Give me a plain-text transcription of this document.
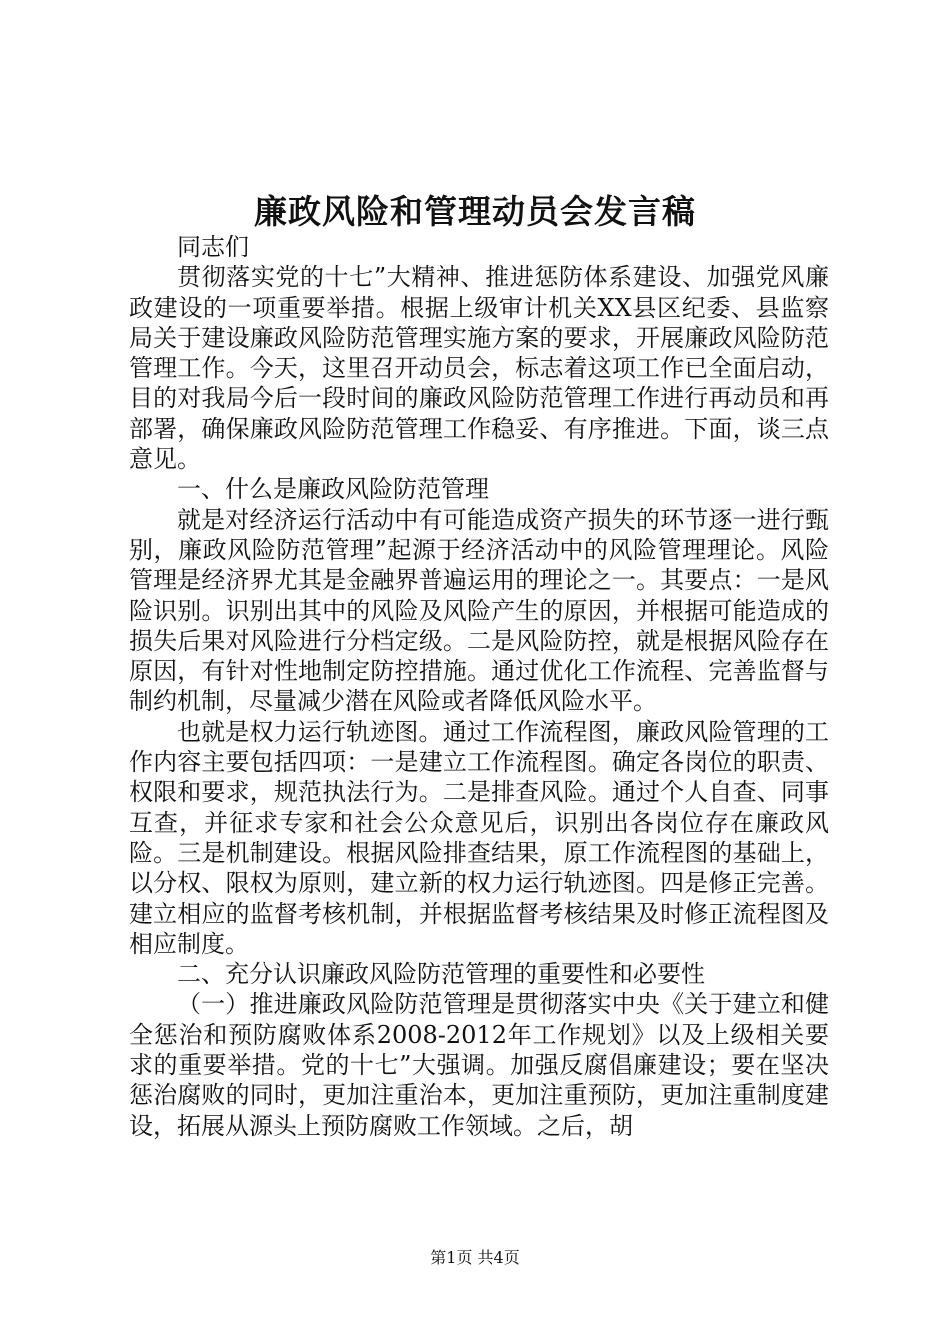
廉政风险和管理动员会发言稿

同志们

贯彻落实党的十七”大精神、推进惩防体系建设、加强党风廉政建设的一项重要举措。根据上级审计机关XX县区纪委、县监察局关于建设廉政风险防范管理实施方案的要求，开展廉政风险防范管理工作。今天，这里召开动员会，标志着这项工作已全面启动，目的对我局今后一段时间的廉政风险防范管理工作进行再动员和再部署，确保廉政风险防范管理工作稳妥、有序推进。下面，谈三点意见。

一、什么是廉政风险防范管理

就是对经济运行活动中有可能造成资产损失的环节逐一进行甄别，廉政风险防范管理”起源于经济活动中的风险管理理论。风险管理是经济界尤其是金融界普遍运用的理论之一。其要点：一是风险识别。识别出其中的风险及风险产生的原因，并根据可能造成的损失后果对风险进行分档定级。二是风险防控，就是根据风险存在原因，有针对性地制定防控措施。通过优化工作流程、完善监督与制约机制，尽量减少潜在风险或者降低风险水平。

也就是权力运行轨迹图。通过工作流程图，廉政风险管理的工作内容主要包括四项：一是建立工作流程图。确定各岗位的职责、权限和要求，规范执法行为。二是排查风险。通过个人自查、同事互查，并征求专家和社会公众意见后，识别出各岗位存在廉政风险。三是机制建设。根据风险排查结果，原工作流程图的基础上，以分权、限权为原则，建立新的权力运行轨迹图。四是修正完善。建立相应的监督考核机制，并根据监督考核结果及时修正流程图及相应制度。

二、充分认识廉政风险防范管理的重要性和必要性

（一）推进廉政风险防范管理是贯彻落实中央《关于建立和健全惩治和预防腐败体系2008-2012年工作规划》以及上级相关要求的重要举措。党的十七”大强调。加强反腐倡廉建设；要在坚决惩治腐败的同时，更加注重治本，更加注重预防，更加注重制度建设，拓展从源头上预防腐败工作领域。之后，胡

第1页 共4页
